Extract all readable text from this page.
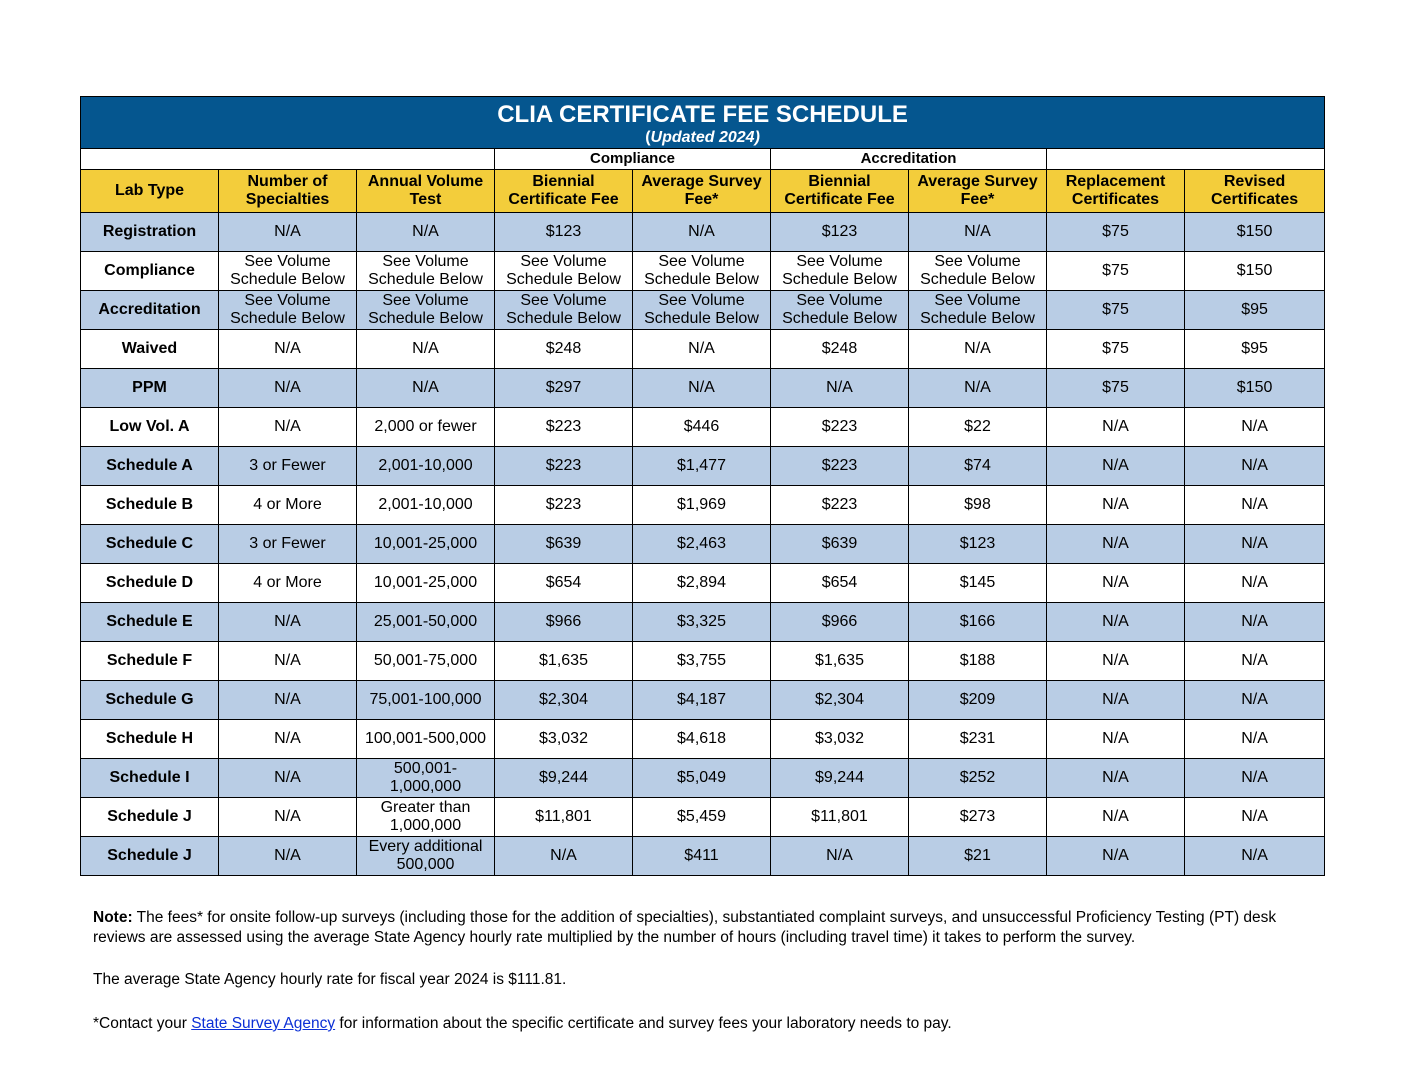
CLIA CERTIFICATE FEE SCHEDULE
(Updated 2024)								

			Compliance		Accreditation			
Lab Type	Number of Specialties	Annual Volume Test	Biennial Certificate Fee	Average Survey Fee*	Biennial Certificate Fee	Average Survey Fee*	Replacement Certificates	Revised Certificates
Registration	N/A	N/A	$123	N/A	$123	N/A	$75	$150
Compliance	See Volume Schedule Below	See Volume Schedule Below	See Volume Schedule Below	See Volume Schedule Below	See Volume Schedule Below	See Volume Schedule Below	$75	$150
Accreditation	See Volume Schedule Below	See Volume Schedule Below	See Volume Schedule Below	See Volume Schedule Below	See Volume Schedule Below	See Volume Schedule Below	$75	$95
Waived	N/A	N/A	$248	N/A	$248	N/A	$75	$95
PPM	N/A	N/A	$297	N/A	N/A	N/A	$75	$150
Low Vol. A	N/A	2,000 or fewer	$223	$446	$223	$22	N/A	N/A
Schedule A	3 or Fewer	2,001-10,000	$223	$1,477	$223	$74	N/A	N/A
Schedule B	4 or More	2,001-10,000	$223	$1,969	$223	$98	N/A	N/A
Schedule C	3 or Fewer	10,001-25,000	$639	$2,463	$639	$123	N/A	N/A
Schedule D	4 or More	10,001-25,000	$654	$2,894	$654	$145	N/A	N/A
Schedule E	N/A	25,001-50,000	$966	$3,325	$966	$166	N/A	N/A
Schedule F	N/A	50,001-75,000	$1,635	$3,755	$1,635	$188	N/A	N/A
Schedule G	N/A	75,001-100,000	$2,304	$4,187	$2,304	$209	N/A	N/A
Schedule H	N/A	100,001-500,000	$3,032	$4,618	$3,032	$231	N/A	N/A
Schedule I	N/A	500,001-1,000,000	$9,244	$5,049	$9,244	$252	N/A	N/A
Schedule J	N/A	Greater than 1,000,000	$11,801	$5,459	$11,801	$273	N/A	N/A
Schedule J	N/A	Every additional 500,000	N/A	$411	N/A	$21	N/A	N/A

Note: The fees* for onsite follow-up surveys (including those for the addition of specialties), substantiated complaint surveys, and unsuccessful Proficiency Testing (PT) desk reviews are assessed using the average State Agency hourly rate multiplied by the number of hours (including travel time) it takes to perform the survey.

The average State Agency hourly rate for fiscal year 2024 is $111.81.

*Contact your State Survey Agency for information about the specific certificate and survey fees your laboratory needs to pay.
